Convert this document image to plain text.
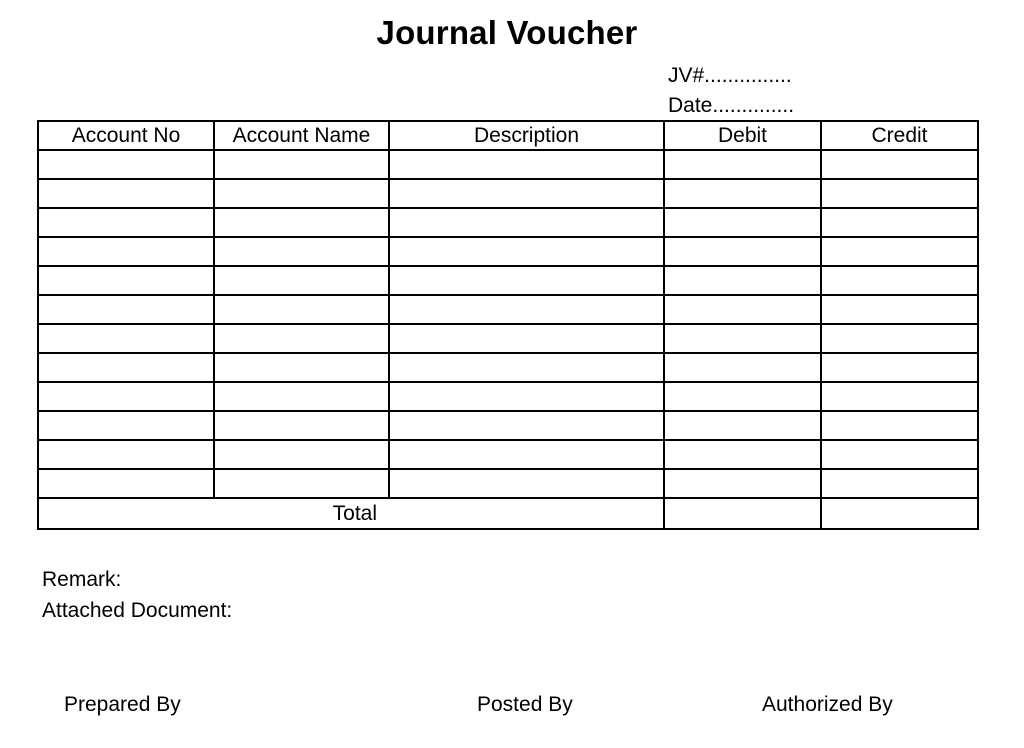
Journal Voucher
JV#...............
Date..............
Account No	Account Name	Description	Debit	Credit

Total				
Remark:
Attached Document:
Prepared By	Posted By	Authorized By
